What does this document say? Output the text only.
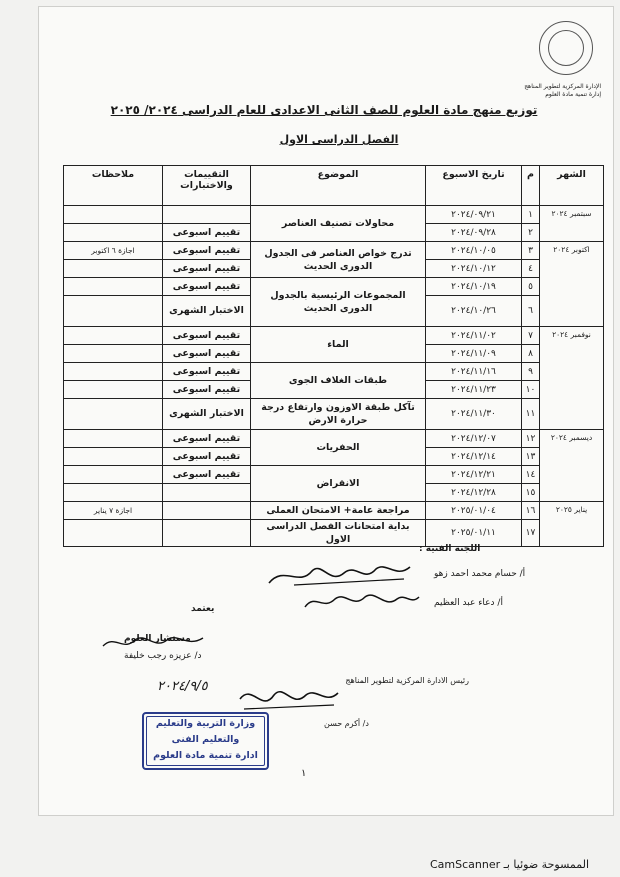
الإدارة المركزية لتطوير المناهج
إدارة تنمية مادة العلوم
توزيع منهج مادة العلوم للصف الثانى الاعدادى للعام الدراسى ٢٠٢٤/ ٢٠٢٥
الفصل الدراسى الاول
الشهر	م	تاريخ الاسبوع	الموضوع	التقييمات والاختبارات	ملاحظات
سبتمبر ٢٠٢٤	١	٢٠٢٤/٠٩/٢١	محاولات تصنيف العناصر		
	٢	٢٠٢٤/٠٩/٢٨		تقييم اسبوعى	
اكتوبر ٢٠٢٤	٣	٢٠٢٤/١٠/٠٥	تدرج خواص العناصر فى الجدول الدورى الحديث	تقييم اسبوعى	اجازة ٦ اكتوبر
	٤	٢٠٢٤/١٠/١٢		تقييم اسبوعى	
	٥	٢٠٢٤/١٠/١٩	المجموعات الرئيسية بالجدول الدورى الحديث	تقييم اسبوعى	
	٦	٢٠٢٤/١٠/٢٦		الاختبار الشهرى	
نوفمبر ٢٠٢٤	٧	٢٠٢٤/١١/٠٢	الماء	تقييم اسبوعى	
	٨	٢٠٢٤/١١/٠٩		تقييم اسبوعى	
	٩	٢٠٢٤/١١/١٦	طبقات الغلاف الجوى	تقييم اسبوعى	
	١٠	٢٠٢٤/١١/٢٣		تقييم اسبوعى	
	١١	٢٠٢٤/١١/٣٠	تآكل طبقة الاوزون وارتفاع درجة حرارة الارض	الاختبار الشهرى	
ديسمبر ٢٠٢٤	١٢	٢٠٢٤/١٢/٠٧	الحفريات	تقييم اسبوعى	
	١٣	٢٠٢٤/١٢/١٤		تقييم اسبوعى	
	١٤	٢٠٢٤/١٢/٢١	الانقراض	تقييم اسبوعى	
	١٥	٢٠٢٤/١٢/٢٨			
يناير ٢٠٢٥	١٦	٢٠٢٥/٠١/٠٤	مراجعة عامة+ الامتحان العملى		اجازة ٧ يناير
	١٧	٢٠٢٥/٠١/١١	بداية امتحانات الفصل الدراسى الاول		
اللجنة الفنية :
أ/ حسام محمد احمد زهو
أ/ دعاء عبد العظيم
يعتمد
مستشار العلوم
د/ عزيزه رجب خليفة
٢٠٢٤/٩/٥	رئيس الادارة المركزية لتطوير المناهج
د/ أكرم حسن
وزارة التربية والتعليم
والتعليم الفنى
ادارة تنمية مادة العلوم
١
الممسوحة ضوئيا بـ CamScanner
